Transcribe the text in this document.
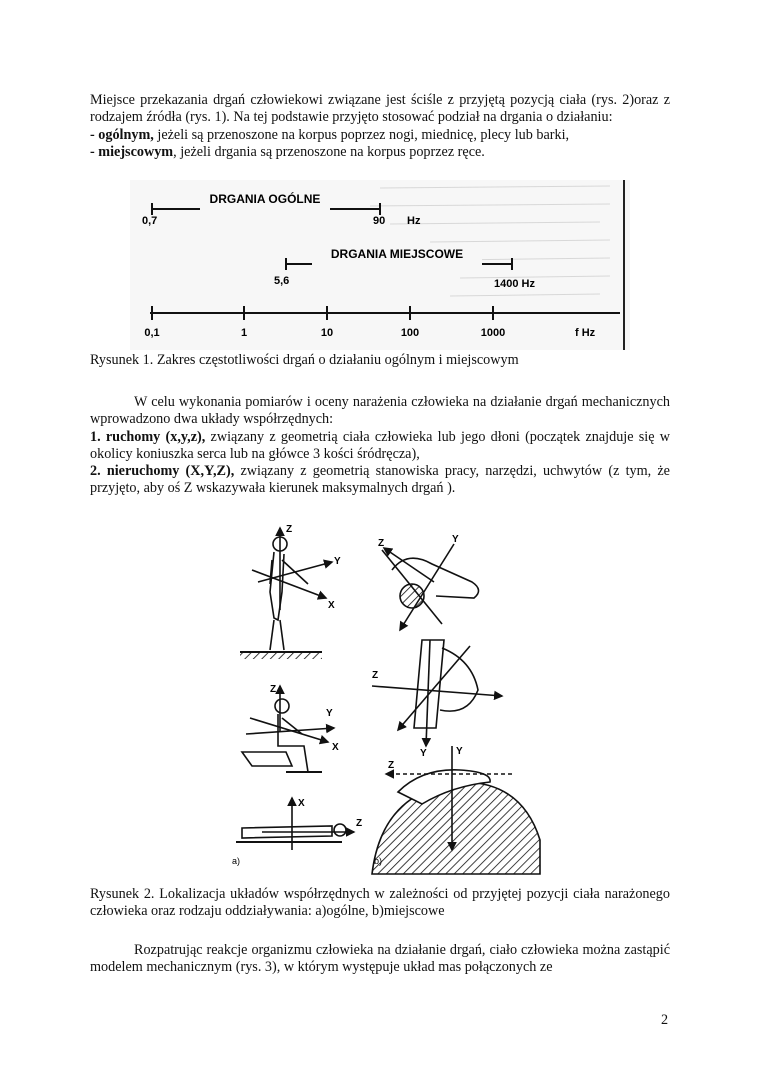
Miejsce przekazania drgań człowiekowi związane jest ściśle z przyjętą pozycją ciała (rys. 2)oraz z rodzajem źródła (rys. 1). Na tej podstawie przyjęto stosować podział na drgania o działaniu:

- ogólnym, jeżeli są przenoszone na korpus poprzez nogi, miednicę, plecy lub barki,

- miejscowym, jeżeli drgania są przenoszone na korpus poprzez ręce.

DRGANIA OGÓLNE
0,7	90 Hz
DRGANIA MIEJSCOWE
5,6	1400 Hz
0,1	1	10	100	1000	f Hz
Rysunek 1. Zakres częstotliwości drgań o działaniu ogólnym i miejscowym

W celu wykonania pomiarów i oceny narażenia człowieka na działanie drgań mechanicznych wprowadzono dwa układy współrzędnych:

1. ruchomy (x,y,z), związany z geometrią ciała człowieka lub jego dłoni (początek znajduje się w okolicy koniuszka serca lub na główce 3 kości śródręcza),

2. nieruchomy (X,Y,Z), związany z geometrią stanowiska pracy, narzędzi, uchwytów (z tym, że przyjęto, aby oś Z wskazywała kierunek maksymalnych drgań ).

Z
Y
X
Z
Y
X
X
Z
a)
Z	Y
Z
Y	Y
Z
b)
Rysunek 2. Lokalizacja układów współrzędnych w zależności od przyjętej pozycji ciała narażonego człowieka oraz rodzaju oddziaływania: a)ogólne, b)miejscowe

Rozpatrując reakcje organizmu człowieka na działanie drgań, ciało człowieka można zastąpić modelem mechanicznym (rys. 3), w którym występuje układ mas połączonych ze

2
